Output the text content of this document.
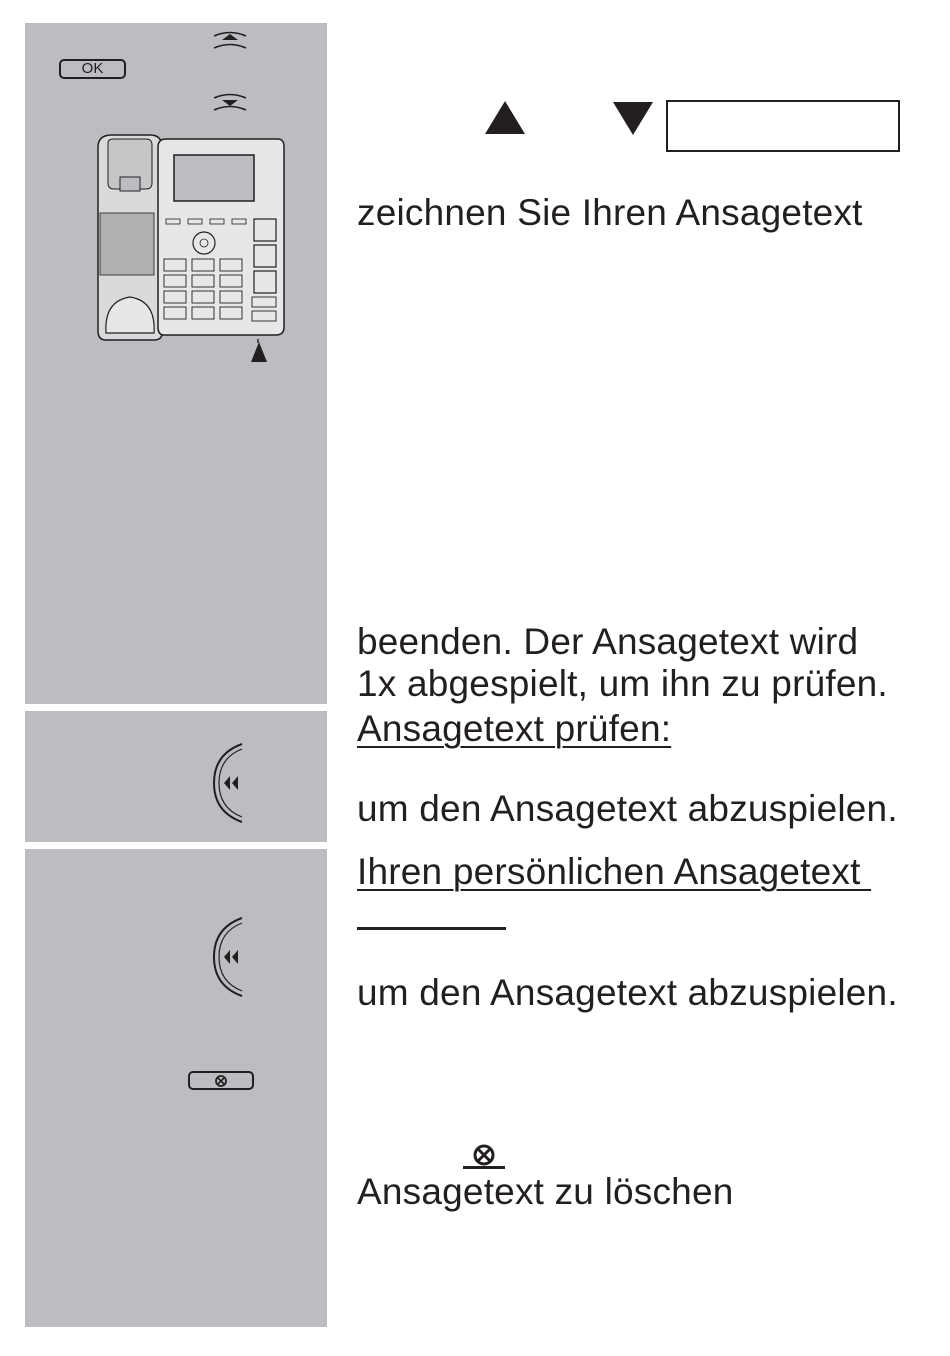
OK
zeichnen Sie Ihren Ansagetext
beenden. Der Ansagetext wird
1x abgespielt, um ihn zu prüfen.
Ansagetext prüfen:
um den Ansagetext abzuspielen.
Ihren persönlichen Ansagetext
um den Ansagetext abzuspielen.
Ansagetext zu löschen
